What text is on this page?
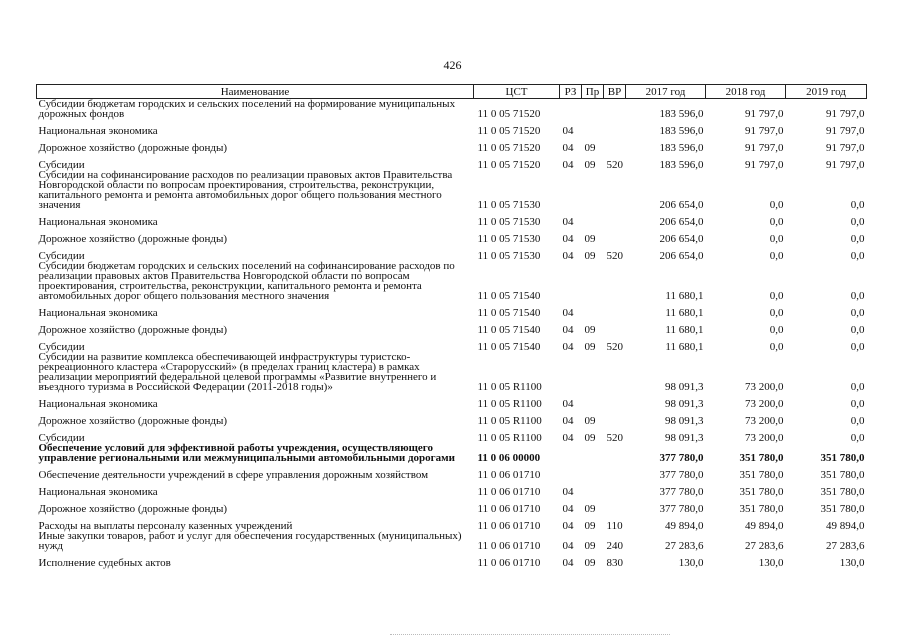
426
Наименование	ЦСТ	РЗ	Пр	ВР	2017 год	2018 год	2019 год
Субсидии бюджетам городских и сельских поселений на формирование муниципальных дорожных фондов	11 0 05 71520				183 596,0	91 797,0	91 797,0
Национальная экономика	11 0 05 71520	04			183 596,0	91 797,0	91 797,0
Дорожное хозяйство (дорожные фонды)	11 0 05 71520	04	09		183 596,0	91 797,0	91 797,0
Субсидии	11 0 05 71520	04	09	520	183 596,0	91 797,0	91 797,0
Субсидии на софинансирование расходов по реализации правовых актов Правительства Новгородской области по вопросам проектирования, строительства, реконструкции, капитального ремонта и ремонта автомобильных дорог общего пользования местного значения	11 0 05 71530				206 654,0	0,0	0,0
Национальная экономика	11 0 05 71530	04			206 654,0	0,0	0,0
Дорожное хозяйство (дорожные фонды)	11 0 05 71530	04	09		206 654,0	0,0	0,0
Субсидии	11 0 05 71530	04	09	520	206 654,0	0,0	0,0
Субсидии бюджетам городских и сельских поселений на софинансирование расходов по реализации правовых актов Правительства Новгородской области по вопросам проектирования, строительства, реконструкции, капитального ремонта и ремонта автомобильных дорог общего пользования местного значения	11 0 05 71540				11 680,1	0,0	0,0
Национальная экономика	11 0 05 71540	04			11 680,1	0,0	0,0
Дорожное хозяйство (дорожные фонды)	11 0 05 71540	04	09		11 680,1	0,0	0,0
Субсидии	11 0 05 71540	04	09	520	11 680,1	0,0	0,0
Субсидии на развитие комплекса обеспечивающей инфраструктуры туристско-рекреационного кластера «Старорусский» (в пределах границ кластера) в рамках реализации мероприятий федеральной целевой программы «Развитие внутреннего и въездного туризма в Российской Федерации (2011-2018 годы)»	11 0 05 R1100				98 091,3	73 200,0	0,0
Национальная экономика	11 0 05 R1100	04			98 091,3	73 200,0	0,0
Дорожное хозяйство (дорожные фонды)	11 0 05 R1100	04	09		98 091,3	73 200,0	0,0
Субсидии	11 0 05 R1100	04	09	520	98 091,3	73 200,0	0,0
Обеспечение условий для эффективной работы учреждения, осуществляющего управление региональными или межмуниципальными автомобильными дорогами	11 0 06 00000				377 780,0	351 780,0	351 780,0
Обеспечение деятельности учреждений в сфере управления дорожным хозяйством	11 0 06 01710				377 780,0	351 780,0	351 780,0
Национальная экономика	11 0 06 01710	04			377 780,0	351 780,0	351 780,0
Дорожное хозяйство (дорожные фонды)	11 0 06 01710	04	09		377 780,0	351 780,0	351 780,0
Расходы на выплаты персоналу казенных учреждений	11 0 06 01710	04	09	110	49 894,0	49 894,0	49 894,0
Иные закупки товаров, работ и услуг для обеспечения государственных (муниципальных) нужд	11 0 06 01710	04	09	240	27 283,6	27 283,6	27 283,6
Исполнение судебных актов	11 0 06 01710	04	09	830	130,0	130,0	130,0
